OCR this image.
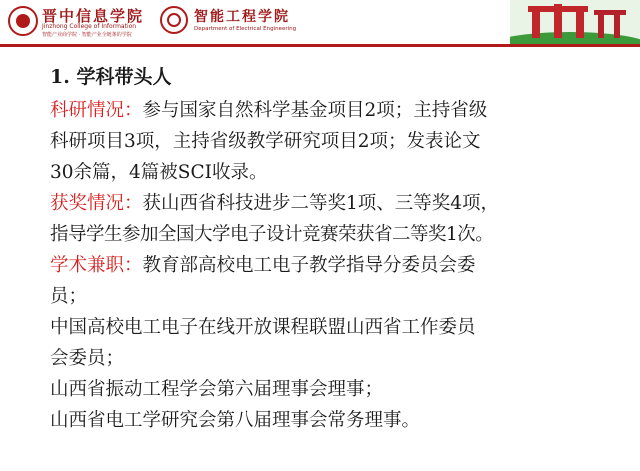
晋中信息学院
Jinzhong College of Information
智能产业商学院 · 智能产业全链条的学院
智能工程学院
Department of Electrical Engineering
1. 学科带头人

科研情况：参与国家自然科学基金项目2项；主持省级

科研项目3项，主持省级教学研究项目2项；发表论文

30余篇，4篇被SCI收录。

获奖情况：获山西省科技进步二等奖1项、三等奖4项，

指导学生参加全国大学电子设计竞赛荣获省二等奖1次。

学术兼职：教育部高校电工电子教学指导分委员会委

员；

中国高校电工电子在线开放课程联盟山西省工作委员

会委员；

山西省振动工程学会第六届理事会理事；

山西省电工学研究会第八届理事会常务理事。
